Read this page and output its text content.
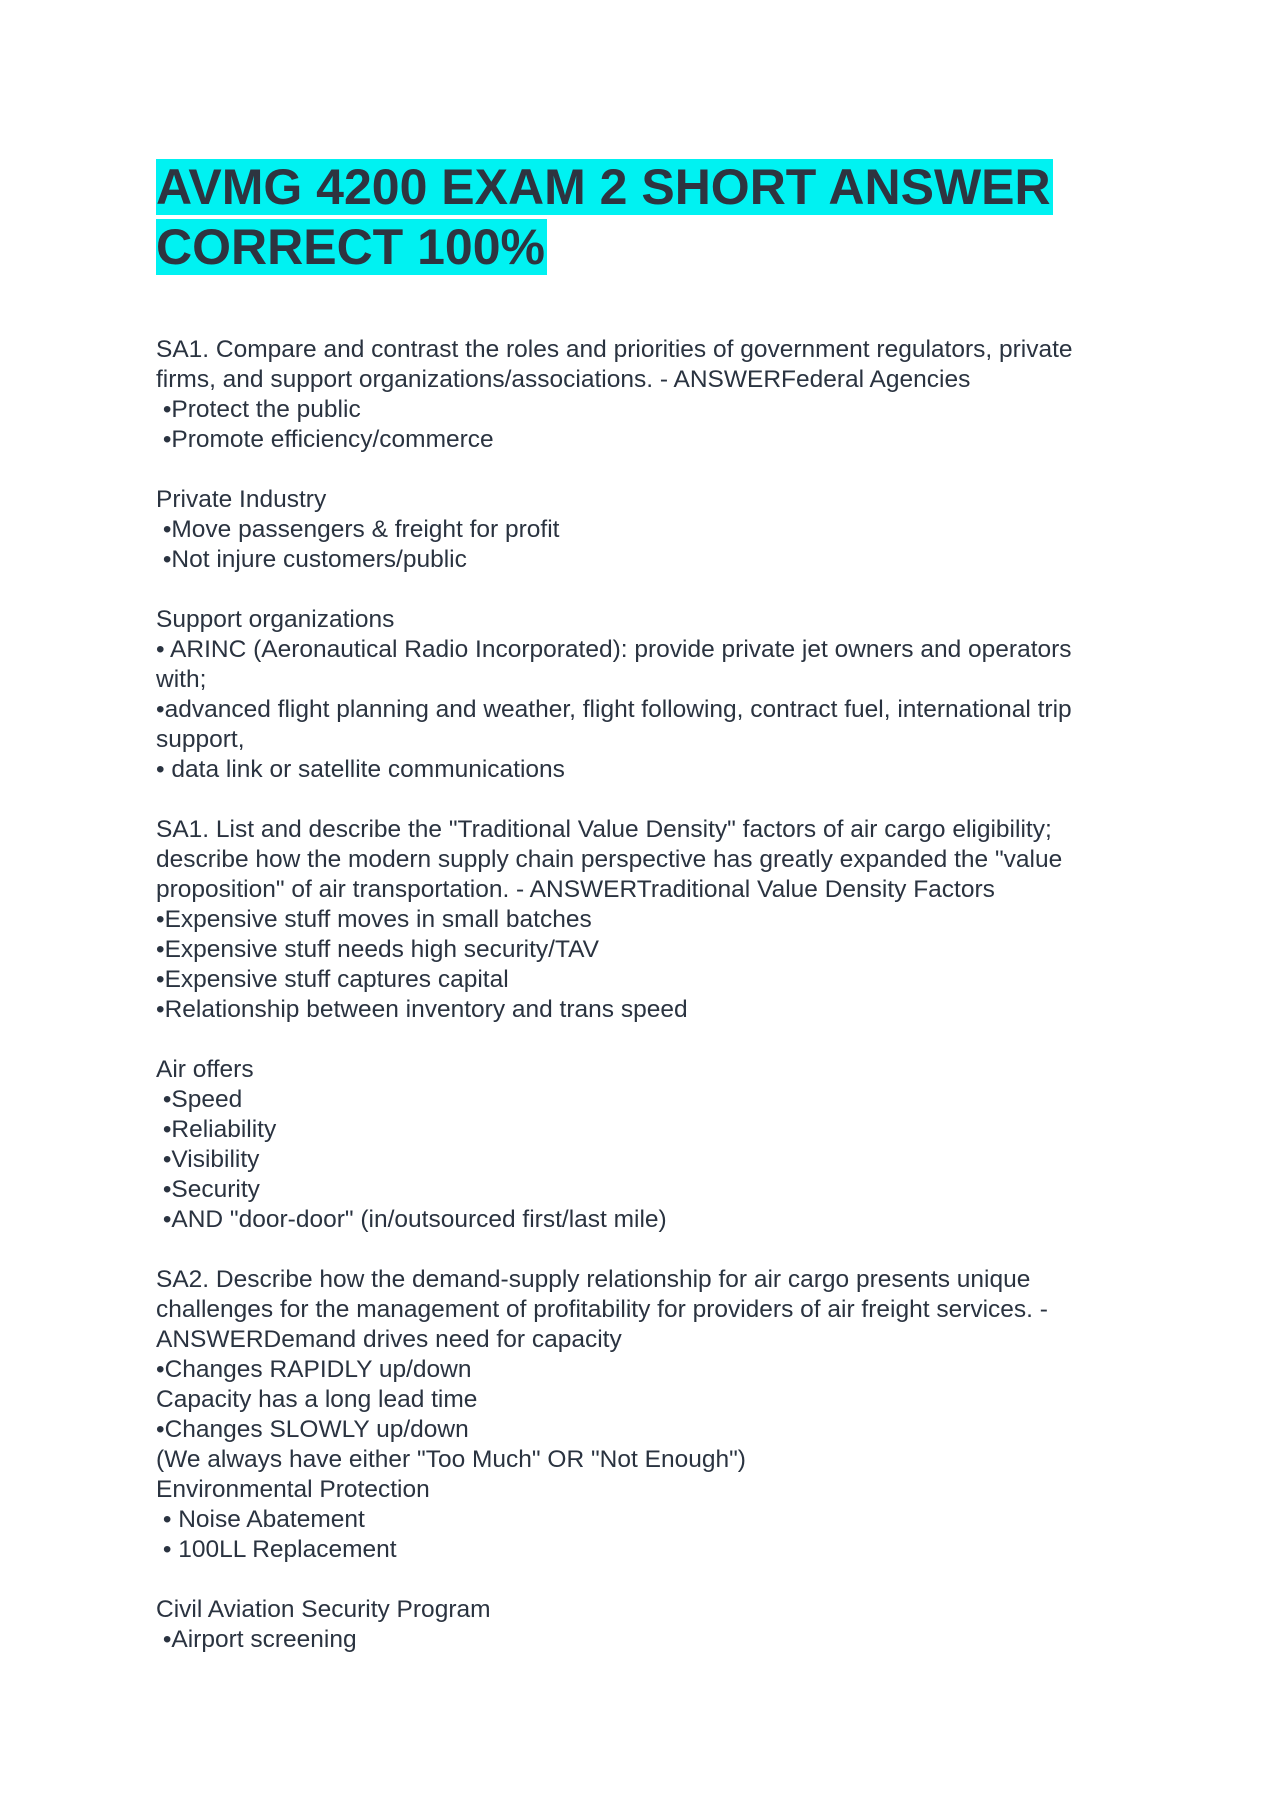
AVMG 4200 EXAM 2 SHORT ANSWER
CORRECT 100%
SA1. Compare and contrast the roles and priorities of government regulators, private
firms, and support organizations/associations. - ANSWERFederal Agencies
•Protect the public
•Promote efficiency/commerce
Private Industry
•Move passengers & freight for profit
•Not injure customers/public
Support organizations
• ARINC (Aeronautical Radio Incorporated): provide private jet owners and operators
with;
•advanced flight planning and weather, flight following, contract fuel, international trip
support,
• data link or satellite communications
SA1. List and describe the "Traditional Value Density" factors of air cargo eligibility;
describe how the modern supply chain perspective has greatly expanded the "value
proposition" of air transportation. - ANSWERTraditional Value Density Factors
•Expensive stuff moves in small batches
•Expensive stuff needs high security/TAV
•Expensive stuff captures capital
•Relationship between inventory and trans speed
Air offers
•Speed
•Reliability
•Visibility
•Security
•AND "door-door" (in/outsourced first/last mile)
SA2. Describe how the demand-supply relationship for air cargo presents unique
challenges for the management of profitability for providers of air freight services. -
ANSWERDemand drives need for capacity
•Changes RAPIDLY up/down
Capacity has a long lead time
•Changes SLOWLY up/down
(We always have either "Too Much" OR "Not Enough")
Environmental Protection
• Noise Abatement
• 100LL Replacement
Civil Aviation Security Program
•Airport screening
